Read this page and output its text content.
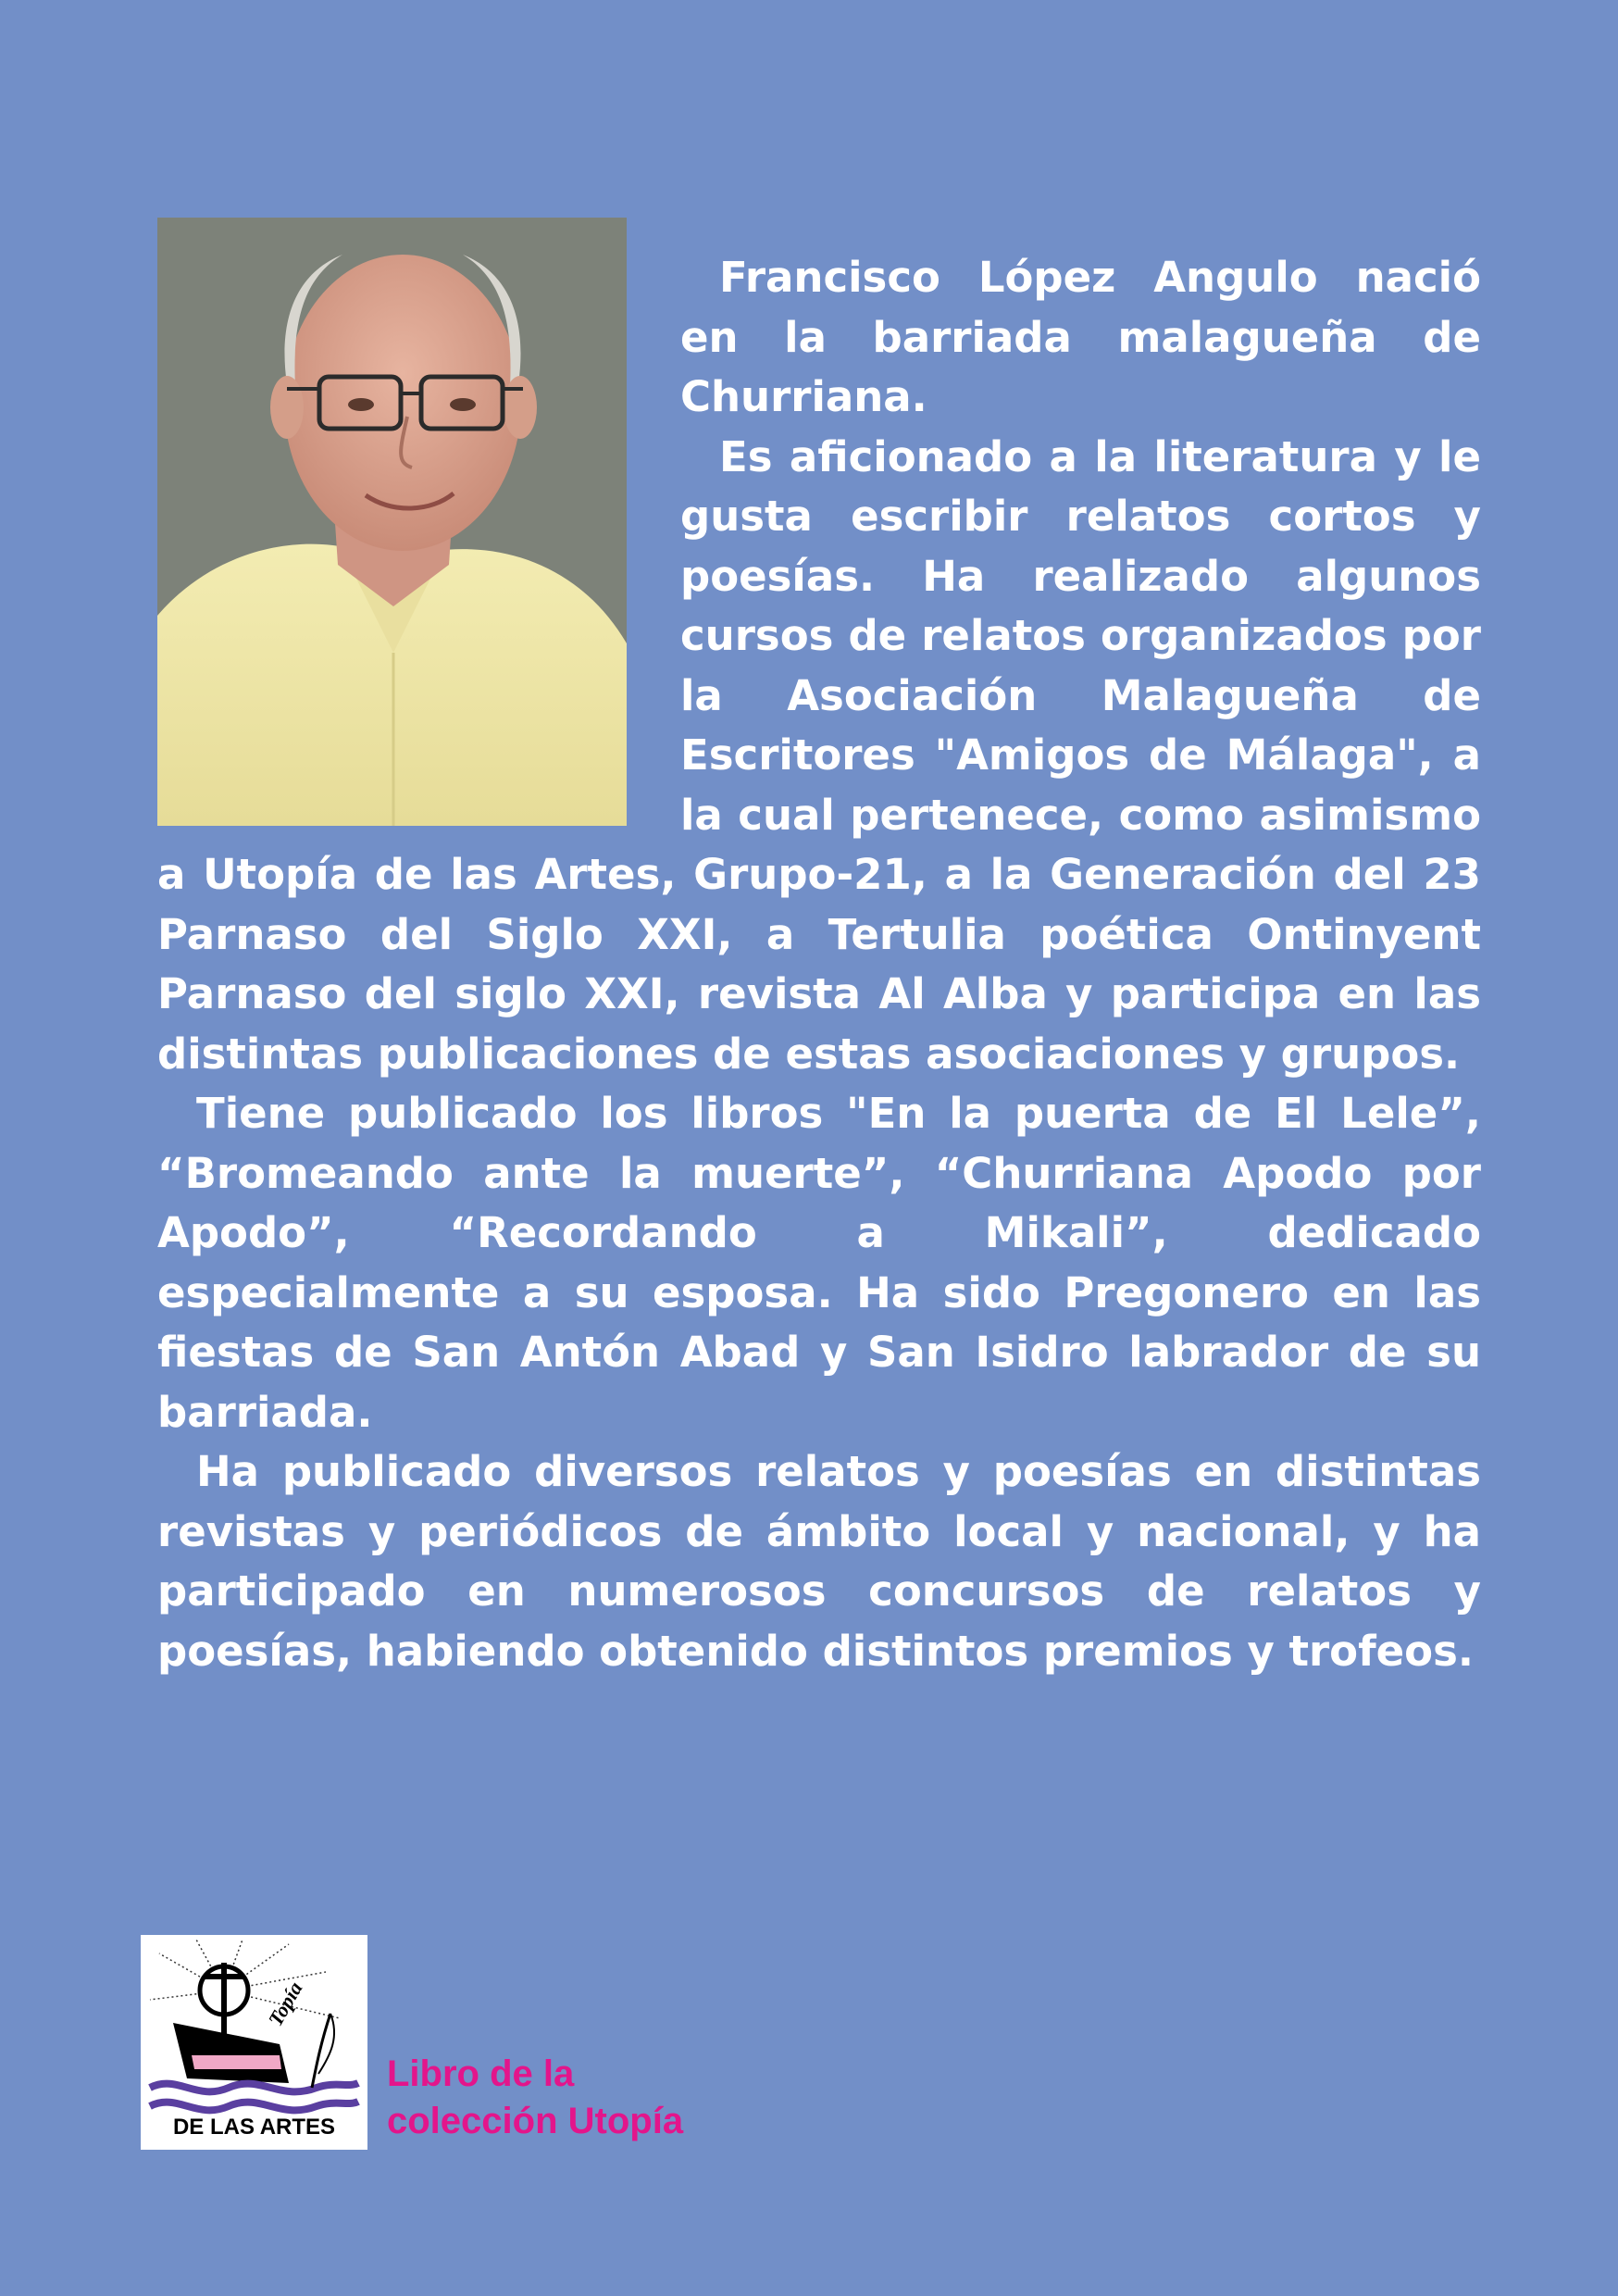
Francisco López Angulo nació en la barriada malagueña de Churriana.

Es aficionado a la literatura y le gusta escribir relatos cortos y poesías. Ha realizado algunos cursos de relatos organizados por la Asociación Malagueña de Escritores "Amigos de Málaga", a la cual pertenece, como asimismo a Utopía de las Artes, Grupo-21, a la Generación del 23 Parnaso del Siglo XXI, a Tertulia poética Ontinyent Parnaso del siglo XXI, revista Al Alba y participa en las distintas publicaciones de estas asociaciones y grupos.

Tiene publicado los libros "En la puerta de El Lele”, “Bromeando ante la muerte”, “Churriana Apodo por Apodo”, “Recordando a Mikali”, dedicado especialmente a su esposa. Ha sido Pregonero en las fiestas de San Antón Abad y San Isidro labrador de su barriada.

Ha publicado diversos relatos y poesías en distintas revistas y periódicos de ámbito local y nacional, y ha participado en numerosos concursos de relatos y poesías, habiendo obtenido distintos premios y trofeos.

Topía
DE LAS ARTES
Libro de la
colección Utopía
